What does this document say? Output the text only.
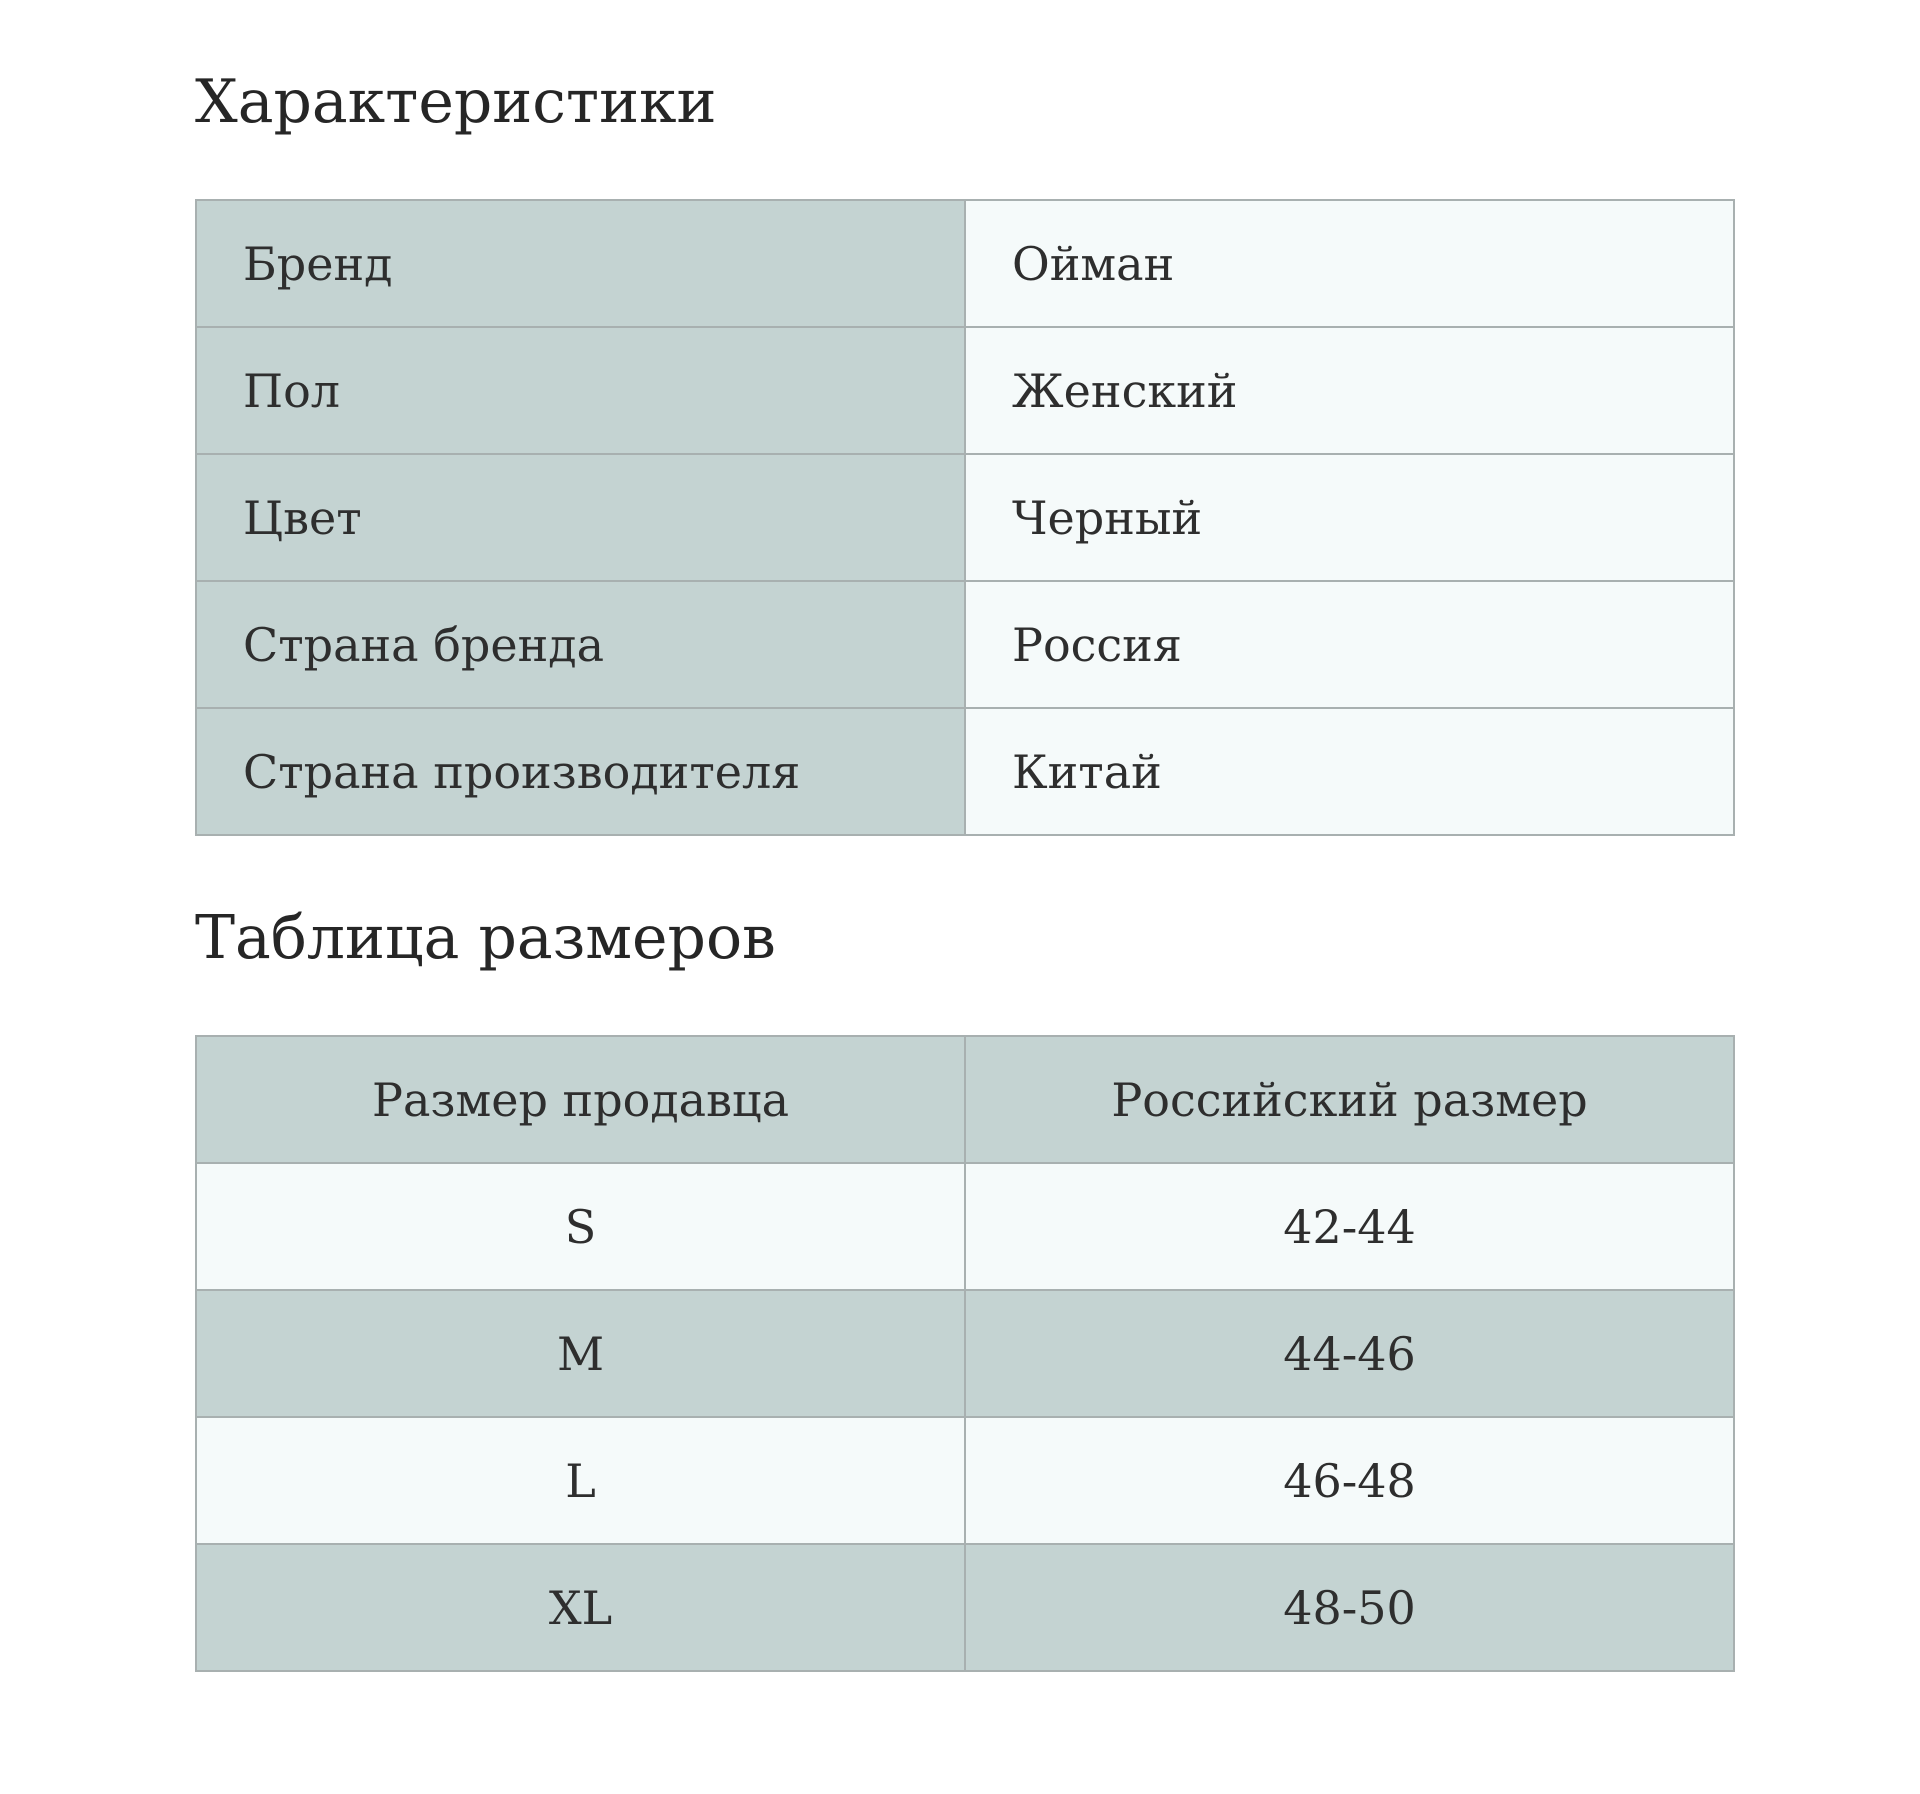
Характеристики
Бренд	Ойман
Пол	Женский
Цвет	Черный
Страна бренда	Россия
Страна производителя	Китай
Таблица размеров
Размер продавца	Российский размер
S	42-44
M	44-46
L	46-48
XL	48-50
